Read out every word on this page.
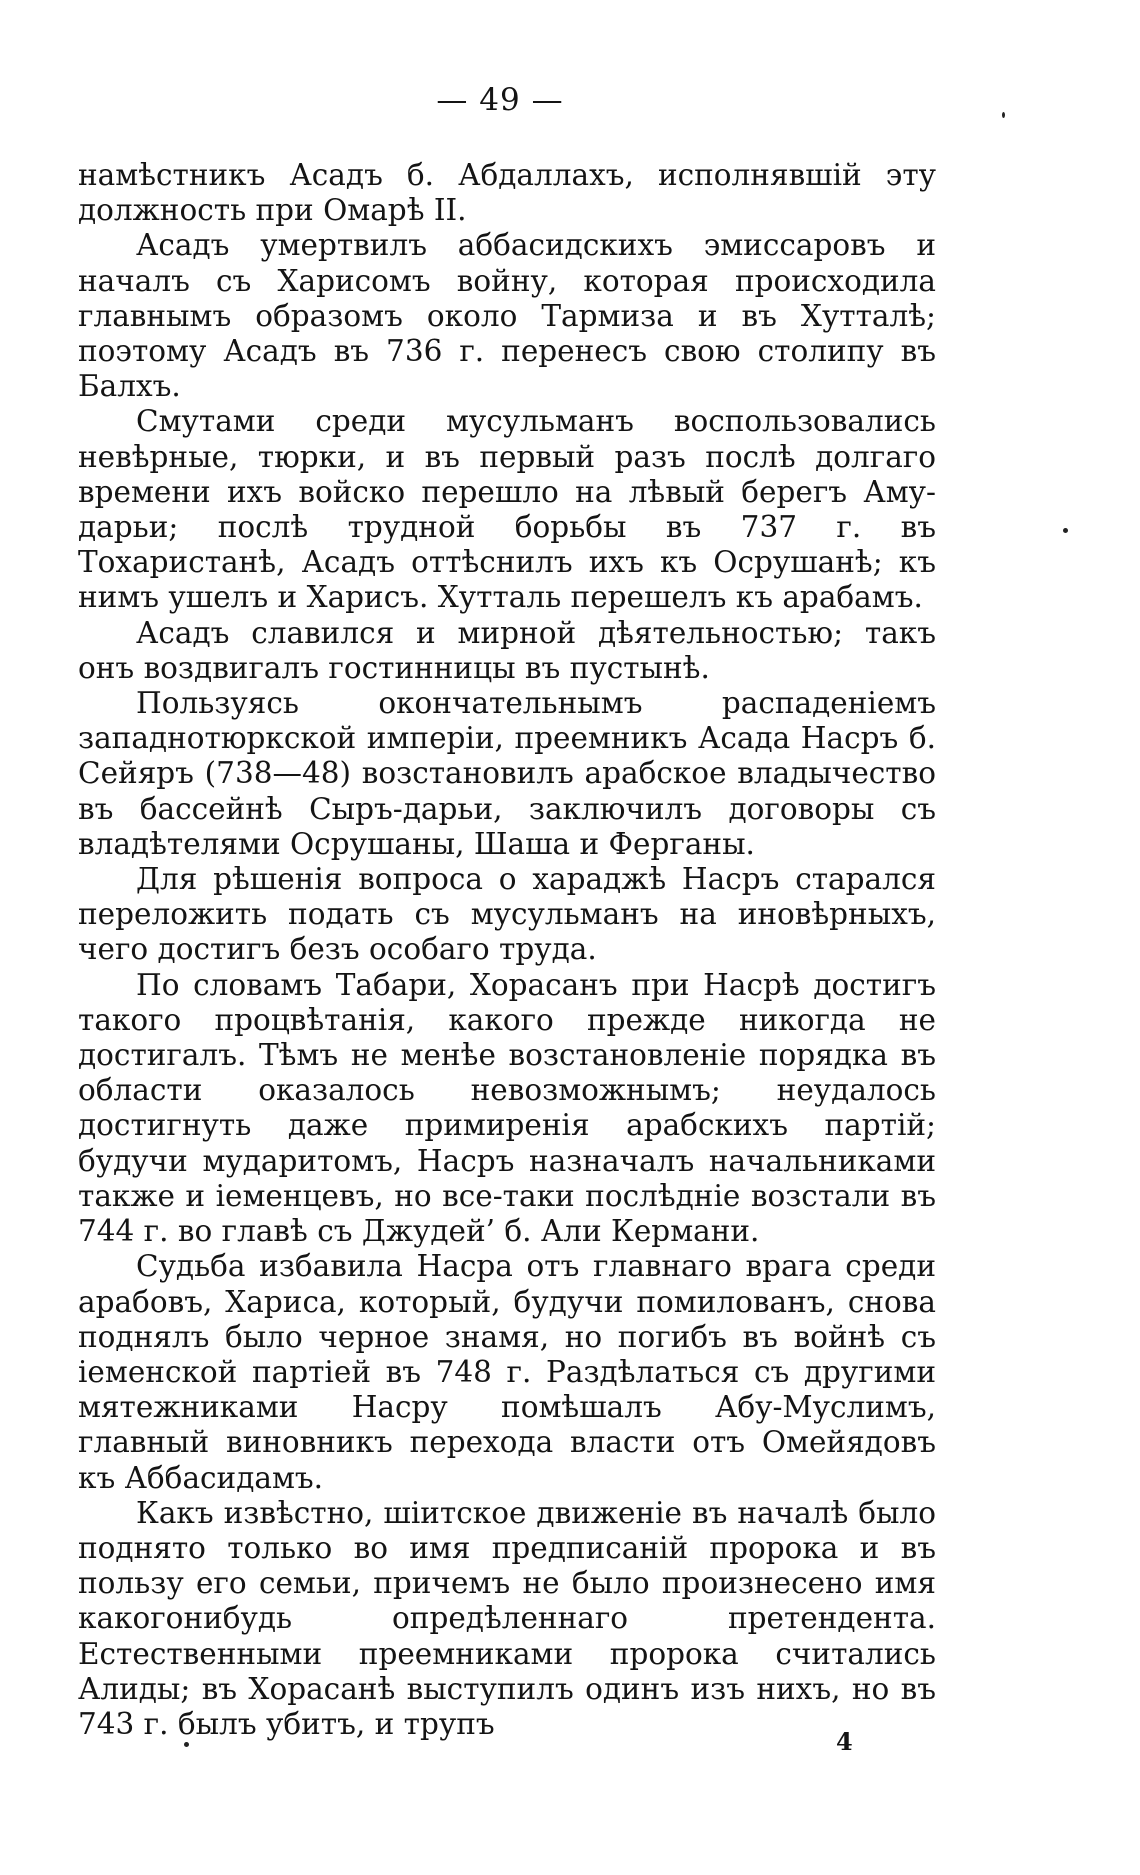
— 49 —

намѣстникъ Асадъ б. Абдаллахъ, исполнявшій эту должность при Омарѣ II.

Асадъ умертвилъ аббасидскихъ эмиссаровъ и началъ съ Харисомъ войну, которая происходила главнымъ образомъ около Тармиза и въ Хутталѣ; поэтому Асадъ въ 736 г. перенесъ свою столипу въ Балхъ.

Смутами среди мусульманъ воспользовались невѣрные, тюрки, и въ первый разъ послѣ долгаго времени ихъ войско перешло на лѣвый берегъ Аму-дарьи; послѣ трудной борьбы въ 737 г. въ Тохаристанѣ, Асадъ оттѣснилъ ихъ къ Осрушанѣ; къ нимъ ушелъ и Харисъ. Хутталь перешелъ къ арабамъ.

Асадъ славился и мирной дѣятельностью; такъ онъ воздвигалъ гостинницы въ пустынѣ.

Пользуясь окончательнымъ распаденіемъ западнотюркской имперіи, преемникъ Асада Насръ б. Сейяръ (738—48) возстановилъ арабское владычество въ бассейнѣ Сыръ-дарьи, заключилъ договоры съ владѣтелями Осрушаны, Шаша и Ферганы.

Для рѣшенія вопроса о хараджѣ Насръ старался переложить подать съ мусульманъ на иновѣрныхъ, чего достигъ безъ особаго труда.

По словамъ Табари, Хорасанъ при Насрѣ достигъ такого процвѣтанія, какого прежде никогда не достигалъ. Тѣмъ не менѣе возстановленіе порядка въ области оказалось невозможнымъ; неудалось достигнуть даже примиренія арабскихъ партій; будучи мударитомъ, Насръ назначалъ начальниками также и іеменцевъ, но все-таки послѣдніе возстали въ 744 г. во главѣ съ Джудей’ б. Али Кермани.

Судьба избавила Насра отъ главнаго врага среди арабовъ, Хариса, который, будучи помилованъ, снова поднялъ было черное знамя, но погибъ въ войнѣ съ іеменской партіей въ 748 г. Раздѣлаться съ другими мятежниками Насру помѣшалъ Абу-Муслимъ, главный виновникъ перехода власти отъ Омейядовъ къ Аббасидамъ.

Какъ извѣстно, шіитское движеніе въ началѣ было поднято только во имя предписаній пророка и въ пользу его семьи, причемъ не было произнесено имя какогонибудь опредѣленнаго претендента. Естественными преемниками пророка считались Алиды; въ Хорасанѣ выступилъ одинъ изъ нихъ, но въ 743 г. былъ убитъ, и трупъ

4
